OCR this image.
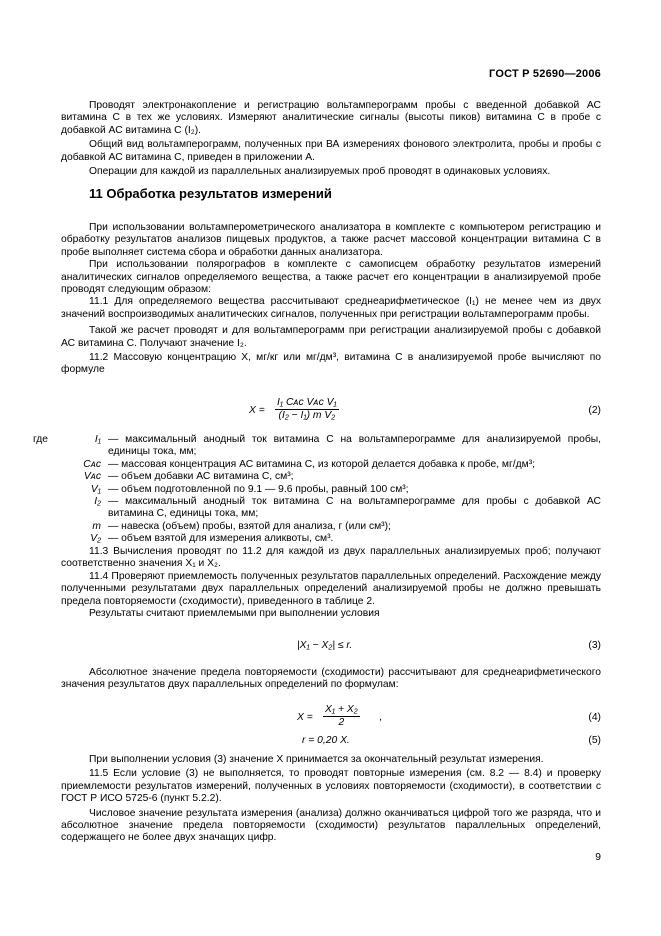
ГОСТ Р 52690—2006

Проводят электронакопление и регистрацию вольтамперограмм пробы с введенной добавкой АС витамина С в тех же условиях. Измеряют аналитические сигналы (высоты пиков) витамина С в пробе с добавкой АС витамина С (I₂).

Общий вид вольтамперограмм, полученных при ВА измерениях фонового электролита, пробы и пробы с добавкой АС витамина С, приведен в приложении А.

Операции для каждой из параллельных анализируемых проб проводят в одинаковых условиях.

11 Обработка результатов измерений

При использовании вольтамперометрического анализатора в комплекте с компьютером регистрацию и обработку результатов анализов пищевых продуктов, а также расчет массовой концентрации витамина С в пробе выполняет система сбора и обработки данных анализатора.

При использовании полярографов в комплекте с самописцем обработку результатов измерений аналитических сигналов определяемого вещества, а также расчет его концентрации в анализируемой пробе проводят следующим образом:

11.1 Для определяемого вещества рассчитывают среднеарифметическое (I₁) не менее чем из двух значений воспроизводимых аналитических сигналов, полученных при регистрации вольтамперограмм пробы.

Такой же расчет проводят и для вольтамперограмм при регистрации анализируемой пробы с добавкой АС витамина С. Получают значение I₂.

11.2 Массовую концентрацию X, мг/кг или мг/дм³, витамина С в анализируемой пробе вычисляют по формуле

X =
I₁ Cᴀᴄ Vᴀᴄ V₁
(I₂ − I₁) m V₂	(2)
где	I₁ — максимальный анодный ток витамина С на вольтамперограмме для анализируемой пробы, единицы тока, мм;
Cᴀᴄ — массовая концентрация АС витамина С, из которой делается добавка к пробе, мг/дм³;
Vᴀᴄ — объем добавки АС витамина С, см³;
V₁ — объем подготовленной по 9.1 — 9.6 пробы, равный 100 см³;
I₂ — максимальный анодный ток витамина С на вольтамперограмме для пробы с добавкой АС витамина С, единицы тока, мм;
m — навеска (объем) пробы, взятой для анализа, г (или см³);
V₂ — объем взятой для измерения аликвоты, см³.

11.3 Вычисления проводят по 11.2 для каждой из двух параллельных анализируемых проб; получают соответственно значения X₁ и X₂.

11.4 Проверяют приемлемость полученных результатов параллельных определений. Расхождение между полученными результатами двух параллельных определений анализируемой пробы не должно превышать предела повторяемости (сходимости), приведенного в таблице 2.

Результаты считают приемлемыми при выполнении условия

|X₁ − X₂| ≤ r.	(3)

Абсолютное значение предела повторяемости (сходимости) рассчитывают для среднеарифметического значения результатов двух параллельных определений по формулам:

$X = \frac{\text{X₁ + X₂}}{2}$ ,	(4)
r = 0,20 X.	(5)

При выполнении условия (3) значение X принимается за окончательный результат измерения.

11.5 Если условие (3) не выполняется, то проводят повторные измерения (см. 8.2 — 8.4) и проверку приемлемости результатов измерений, полученных в условиях повторяемости (сходимости), в соответствии с ГОСТ Р ИСО 5725-6 (пункт 5.2.2).

Числовое значение результата измерения (анализа) должно оканчиваться цифрой того же разряда, что и абсолютное значение предела повторяемости (сходимости) результатов параллельных определений, содержащего не более двух значащих цифр.

9
